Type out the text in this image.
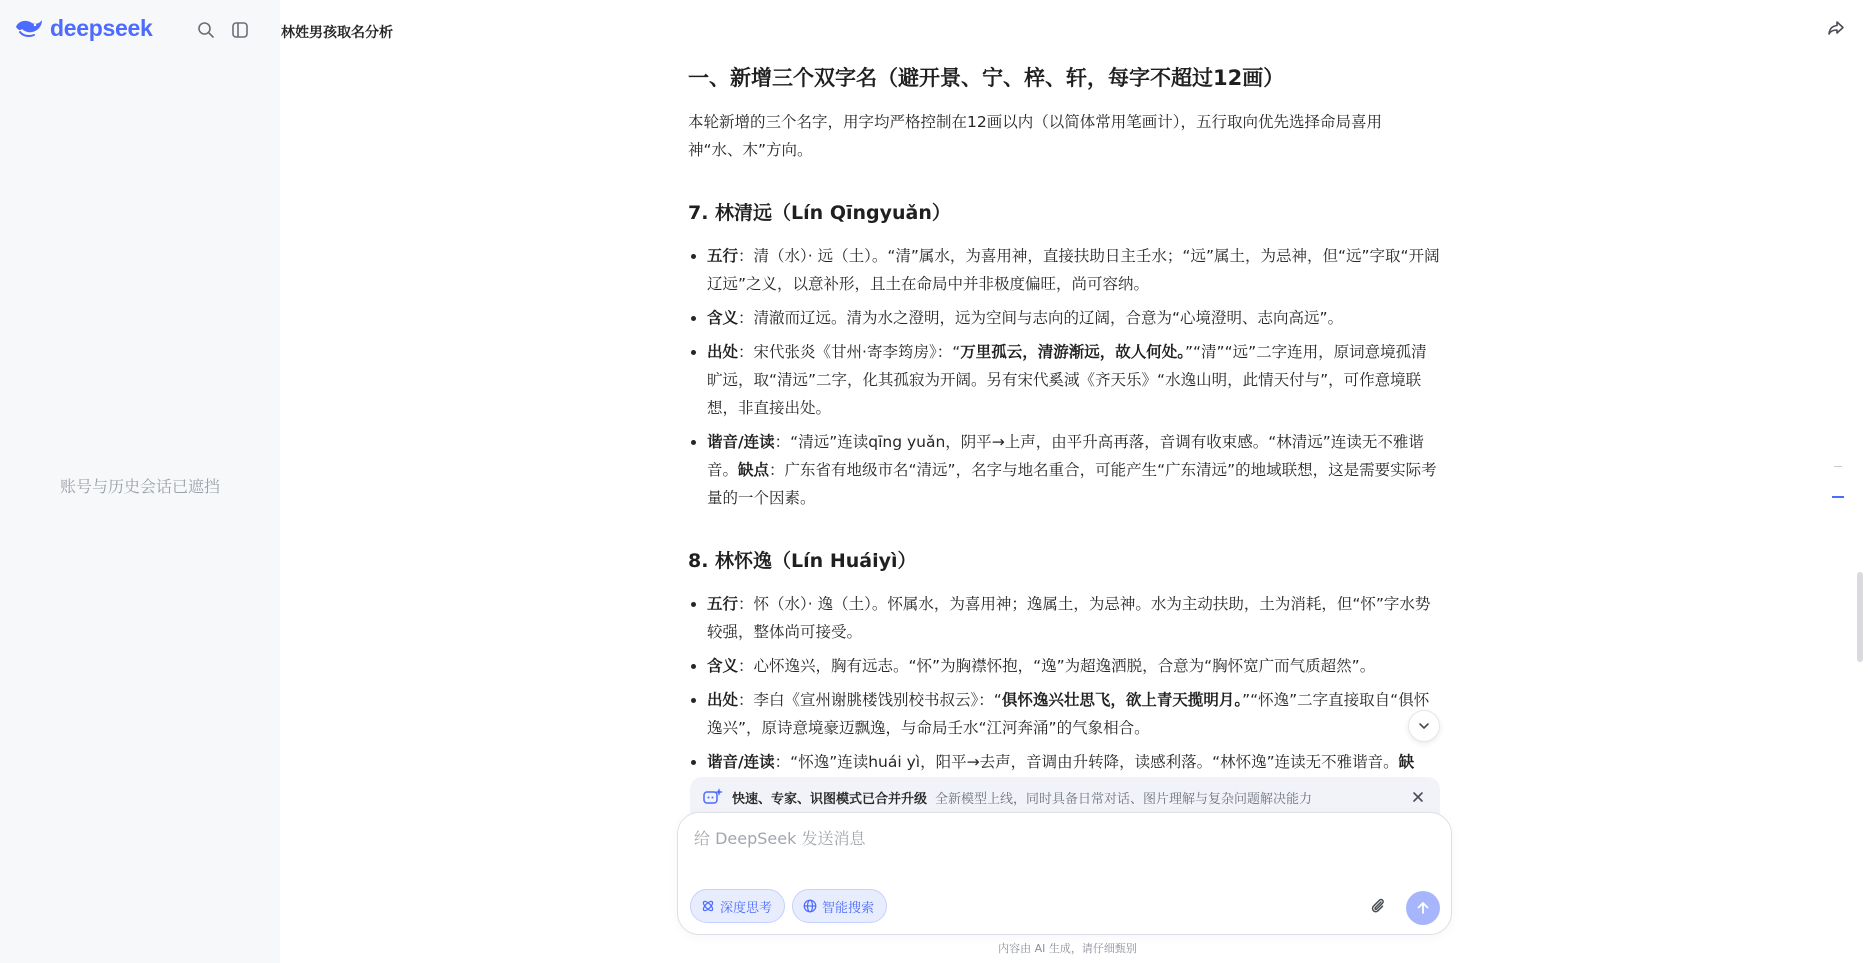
deepseek
账号与历史会话已遮挡
林姓男孩取名分析
一、新增三个双字名（避开景、宁、梓、轩，每字不超过12画）
本轮新增的三个名字，用字均严格控制在12画以内（以简体常用笔画计），五行取向优先选择命局喜用神“水、木”方向。
7. 林清远（Lín Qīngyuǎn）
五行：清（水）· 远（土）。“清”属水，为喜用神，直接扶助日主壬水；“远”属土，为忌神，但“远”字取“开阔辽远”之义，以意补形，且土在命局中并非极度偏旺，尚可容纳。
含义：清澈而辽远。清为水之澄明，远为空间与志向的辽阔，合意为“心境澄明、志向高远”。
出处：宋代张炎《甘州·寄李筠房》：“万里孤云，清游渐远，故人何处。”“清”“远”二字连用，原词意境孤清旷远，取“清远”二字，化其孤寂为开阔。另有宋代奚淢《齐天乐》“水逸山明，此情天付与”，可作意境联想，非直接出处。
谐音/连读：“清远”连读qīng yuǎn，阴平→上声，由平升高再落，音调有收束感。“林清远”连读无不雅谐音。缺点：广东省有地级市名“清远”，名字与地名重合，可能产生“广东清远”的地域联想，这是需要实际考量的一个因素。
8. 林怀逸（Lín Huáiyì）
五行：怀（水）· 逸（土）。怀属水，为喜用神；逸属土，为忌神。水为主动扶助，土为消耗，但“怀”字水势较强，整体尚可接受。
含义：心怀逸兴，胸有远志。“怀”为胸襟怀抱，“逸”为超逸洒脱，合意为“胸怀宽广而气质超然”。
出处：李白《宣州谢朓楼饯别校书叔云》：“俱怀逸兴壮思飞，欲上青天揽明月。”“怀逸”二字直接取自“俱怀逸兴”，原诗意境豪迈飘逸，与命局壬水“江河奔涌”的气象相合。
谐音/连读：“怀逸”连读huái yì，阳平→去声，音调由升转降，读感利落。“林怀逸”连读无不雅谐音。缺
快速、专家、识图模式已合并升级 全新模型上线，同时具备日常对话、图片理解与复杂问题解决能力
给 DeepSeek 发送消息
深度思考	智能搜索
内容由 AI 生成，请仔细甄别
